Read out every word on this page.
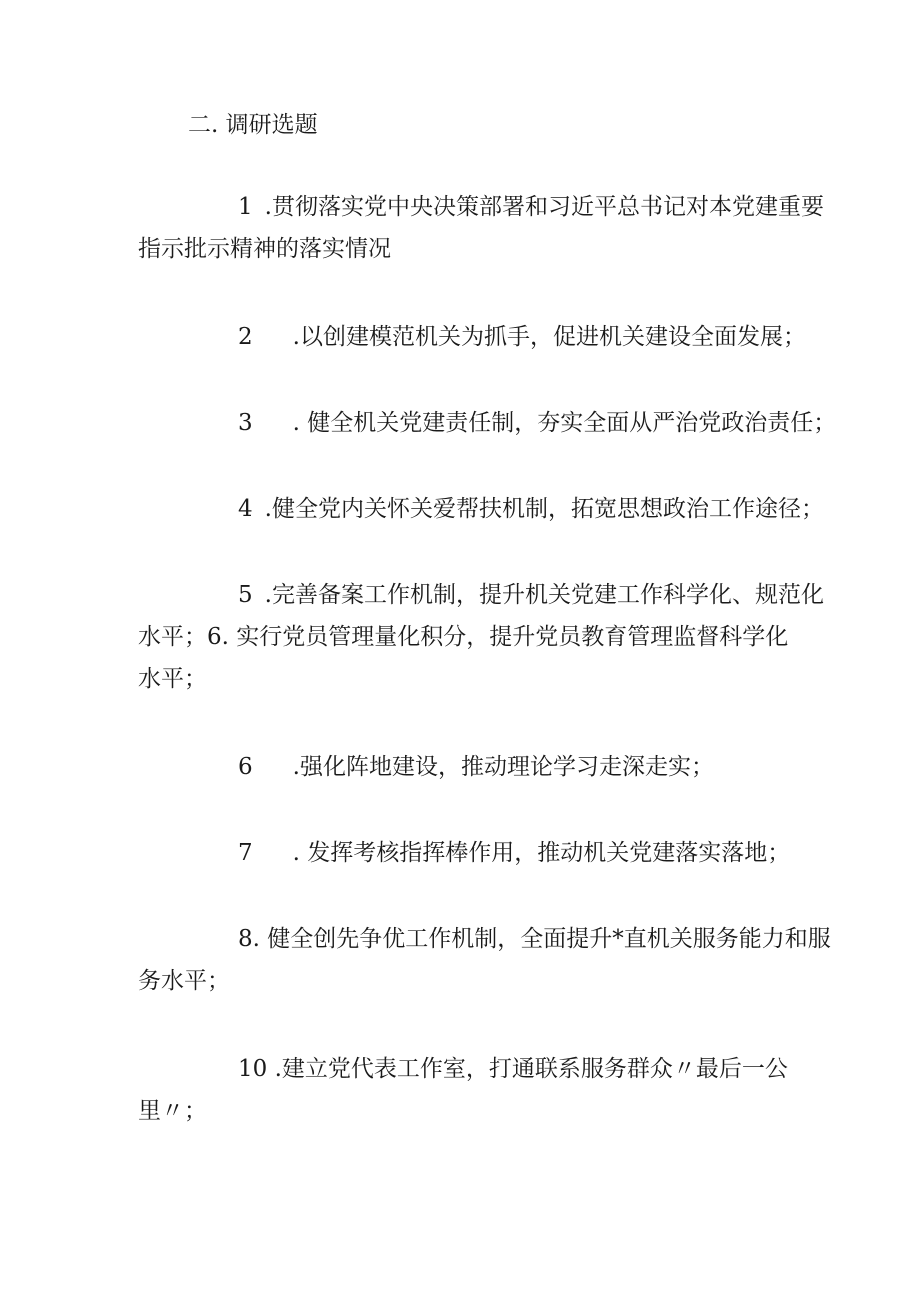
二. 调研选题
1 .贯彻落实党中央决策部署和习近平总书记对本党建重要
指示批示精神的落实情况
2 .以创建模范机关为抓手，促进机关建设全面发展；
3 . 健全机关党建责任制，夯实全面从严治党政治责任；
4 .健全党内关怀关爱帮扶机制，拓宽思想政治工作途径；
5 .完善备案工作机制，提升机关党建工作科学化、规范化
水平；6. 实行党员管理量化积分，提升党员教育管理监督科学化
水平；
6 .强化阵地建设，推动理论学习走深走实；
7 . 发挥考核指挥棒作用，推动机关党建落实落地；
8. 健全创先争优工作机制，全面提升*直机关服务能力和服
务水平；
10 .建立党代表工作室，打通联系服务群众〃最后一公
里〃；
